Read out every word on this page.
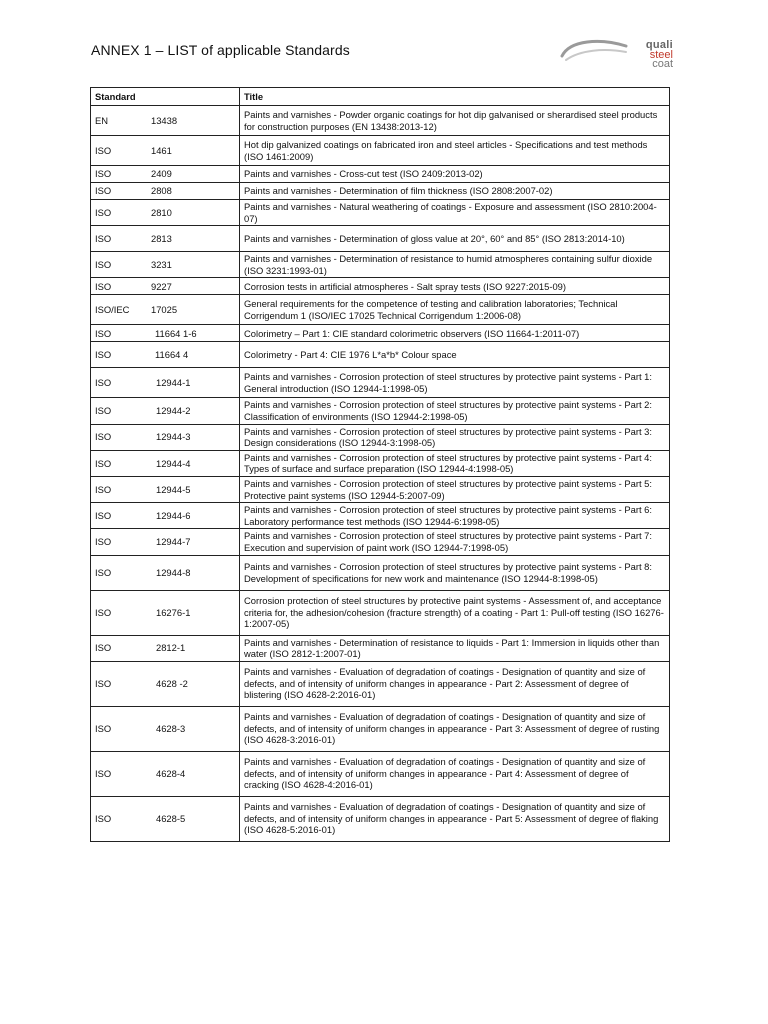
ANNEX 1 – LIST of applicable Standards	quali
steel
coat
Standard	Title
EN 13438	Paints and varnishes - Powder organic coatings for hot dip galvanised or sherardised steel products for construction purposes (EN 13438:2013-12)
ISO 1461	Hot dip galvanized coatings on fabricated iron and steel articles - Specifications and test methods (ISO 1461:2009)
ISO 2409	Paints and varnishes - Cross-cut test (ISO 2409:2013-02)
ISO 2808	Paints and varnishes - Determination of film thickness (ISO 2808:2007-02)
ISO 2810	Paints and varnishes - Natural weathering of coatings - Exposure and assessment (ISO 2810:2004-07)
ISO 2813	Paints and varnishes - Determination of gloss value at 20°, 60° and 85° (ISO 2813:2014-10)
ISO 3231	Paints and varnishes - Determination of resistance to humid atmospheres containing sulfur dioxide (ISO 3231:1993-01)
ISO 9227	Corrosion tests in artificial atmospheres - Salt spray tests (ISO 9227:2015-09)
ISO/IEC 17025	General requirements for the competence of testing and calibration laboratories; Technical Corrigendum 1 (ISO/IEC 17025 Technical Corrigendum 1:2006-08)
ISO 11664 1-6	Colorimetry – Part 1: CIE standard colorimetric observers (ISO 11664-1:2011-07)
ISO 11664 4	Colorimetry - Part 4: CIE 1976 L*a*b* Colour space
ISO 12944-1	Paints and varnishes - Corrosion protection of steel structures by protective paint systems - Part 1: General introduction (ISO 12944-1:1998-05)
ISO 12944-2	Paints and varnishes - Corrosion protection of steel structures by protective paint systems - Part 2: Classification of environments (ISO 12944-2:1998-05)
ISO 12944-3	Paints and varnishes - Corrosion protection of steel structures by protective paint systems - Part 3: Design considerations (ISO 12944-3:1998-05)
ISO 12944-4	Paints and varnishes - Corrosion protection of steel structures by protective paint systems - Part 4: Types of surface and surface preparation (ISO 12944-4:1998-05)
ISO 12944-5	Paints and varnishes - Corrosion protection of steel structures by protective paint systems - Part 5: Protective paint systems (ISO 12944-5:2007-09)
ISO 12944-6	Paints and varnishes - Corrosion protection of steel structures by protective paint systems - Part 6: Laboratory performance test methods (ISO 12944-6:1998-05)
ISO 12944-7	Paints and varnishes - Corrosion protection of steel structures by protective paint systems - Part 7: Execution and supervision of paint work (ISO 12944-7:1998-05)
ISO 12944-8	Paints and varnishes - Corrosion protection of steel structures by protective paint systems - Part 8: Development of specifications for new work and maintenance (ISO 12944-8:1998-05)
ISO 16276-1	Corrosion protection of steel structures by protective paint systems - Assessment of, and acceptance criteria for, the adhesion/cohesion (fracture strength) of a coating - Part 1: Pull-off testing (ISO 16276-1:2007-05)
ISO 2812-1	Paints and varnishes - Determination of resistance to liquids - Part 1: Immersion in liquids other than water (ISO 2812-1:2007-01)
ISO 4628 -2	Paints and varnishes - Evaluation of degradation of coatings - Designation of quantity and size of defects, and of intensity of uniform changes in appearance - Part 2: Assessment of degree of blistering (ISO 4628-2:2016-01)
ISO 4628-3	Paints and varnishes - Evaluation of degradation of coatings - Designation of quantity and size of defects, and of intensity of uniform changes in appearance - Part 3: Assessment of degree of rusting (ISO 4628-3:2016-01)
ISO 4628-4	Paints and varnishes - Evaluation of degradation of coatings - Designation of quantity and size of defects, and of intensity of uniform changes in appearance - Part 4: Assessment of degree of cracking (ISO 4628-4:2016-01)
ISO 4628-5	Paints and varnishes - Evaluation of degradation of coatings - Designation of quantity and size of defects, and of intensity of uniform changes in appearance - Part 5: Assessment of degree of flaking (ISO 4628-5:2016-01)
